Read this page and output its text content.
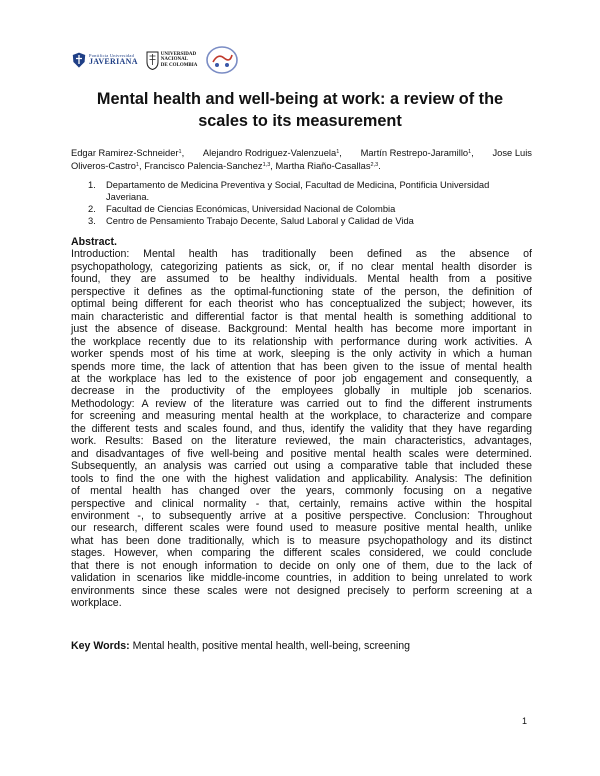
Pontificia Universidad
JAVERIANA
UNIVERSIDAD
NACIONAL
DE COLOMBIA
Mental health and well-being at work: a review of the
scales to its measurement
Edgar Ramirez-Schneider$^1$, Alejandro Rodriguez-Valenzuela$^1$, Martín Restrepo-Jaramillo$^1$, Jose Luis
Oliveros-Castro$^1$, Francisco Palencia-Sanchez$^{1,3}$, Martha Riaño-Casallas$^{2,3}$.
1. Departamento de Medicina Preventiva y Social, Facultad de Medicina, Pontificia Universidad
Javeriana.
2. Facultad de Ciencias Económicas, Universidad Nacional de Colombia
3. Centro de Pensamiento Trabajo Decente, Salud Laboral y Calidad de Vida
Abstract.
Introduction: Mental health has traditionally been defined as the absence of
psychopathology, categorizing patients as sick, or, if no clear mental health disorder is
found, they are assumed to be healthy individuals. Mental health from a positive
perspective it defines as the optimal-functioning state of the person, the definition of
optimal being different for each theorist who has conceptualized the subject; however, its
main characteristic and differential factor is that mental health is something additional to
just the absence of disease. Background: Mental health has become more important in
the workplace recently due to its relationship with performance during work activities. A
worker spends most of his time at work, sleeping is the only activity in which a human
spends more time, the lack of attention that has been given to the issue of mental health
at the workplace has led to the existence of poor job engagement and consequently, a
decrease in the productivity of the employees globally in multiple job scenarios.
Methodology: A review of the literature was carried out to find the different instruments
for screening and measuring mental health at the workplace, to characterize and compare
the different tests and scales found, and thus, identify the validity that they have regarding
work. Results: Based on the literature reviewed, the main characteristics, advantages,
and disadvantages of five well-being and positive mental health scales were determined.
Subsequently, an analysis was carried out using a comparative table that included these
tools to find the one with the highest validation and applicability. Analysis: The definition
of mental health has changed over the years, commonly focusing on a negative
perspective and clinical normality - that, certainly, remains active within the hospital
environment -, to subsequently arrive at a positive perspective. Conclusion: Throughout
our research, different scales were found used to measure positive mental health, unlike
what has been done traditionally, which is to measure psychopathology and its distinct
stages. However, when comparing the different scales considered, we could conclude
that there is not enough information to decide on only one of them, due to the lack of
validation in scenarios like middle-income countries, in addition to being unrelated to work
environments since these scales were not designed precisely to perform screening at a
workplace.
Key Words: Mental health, positive mental health, well-being, screening
1
